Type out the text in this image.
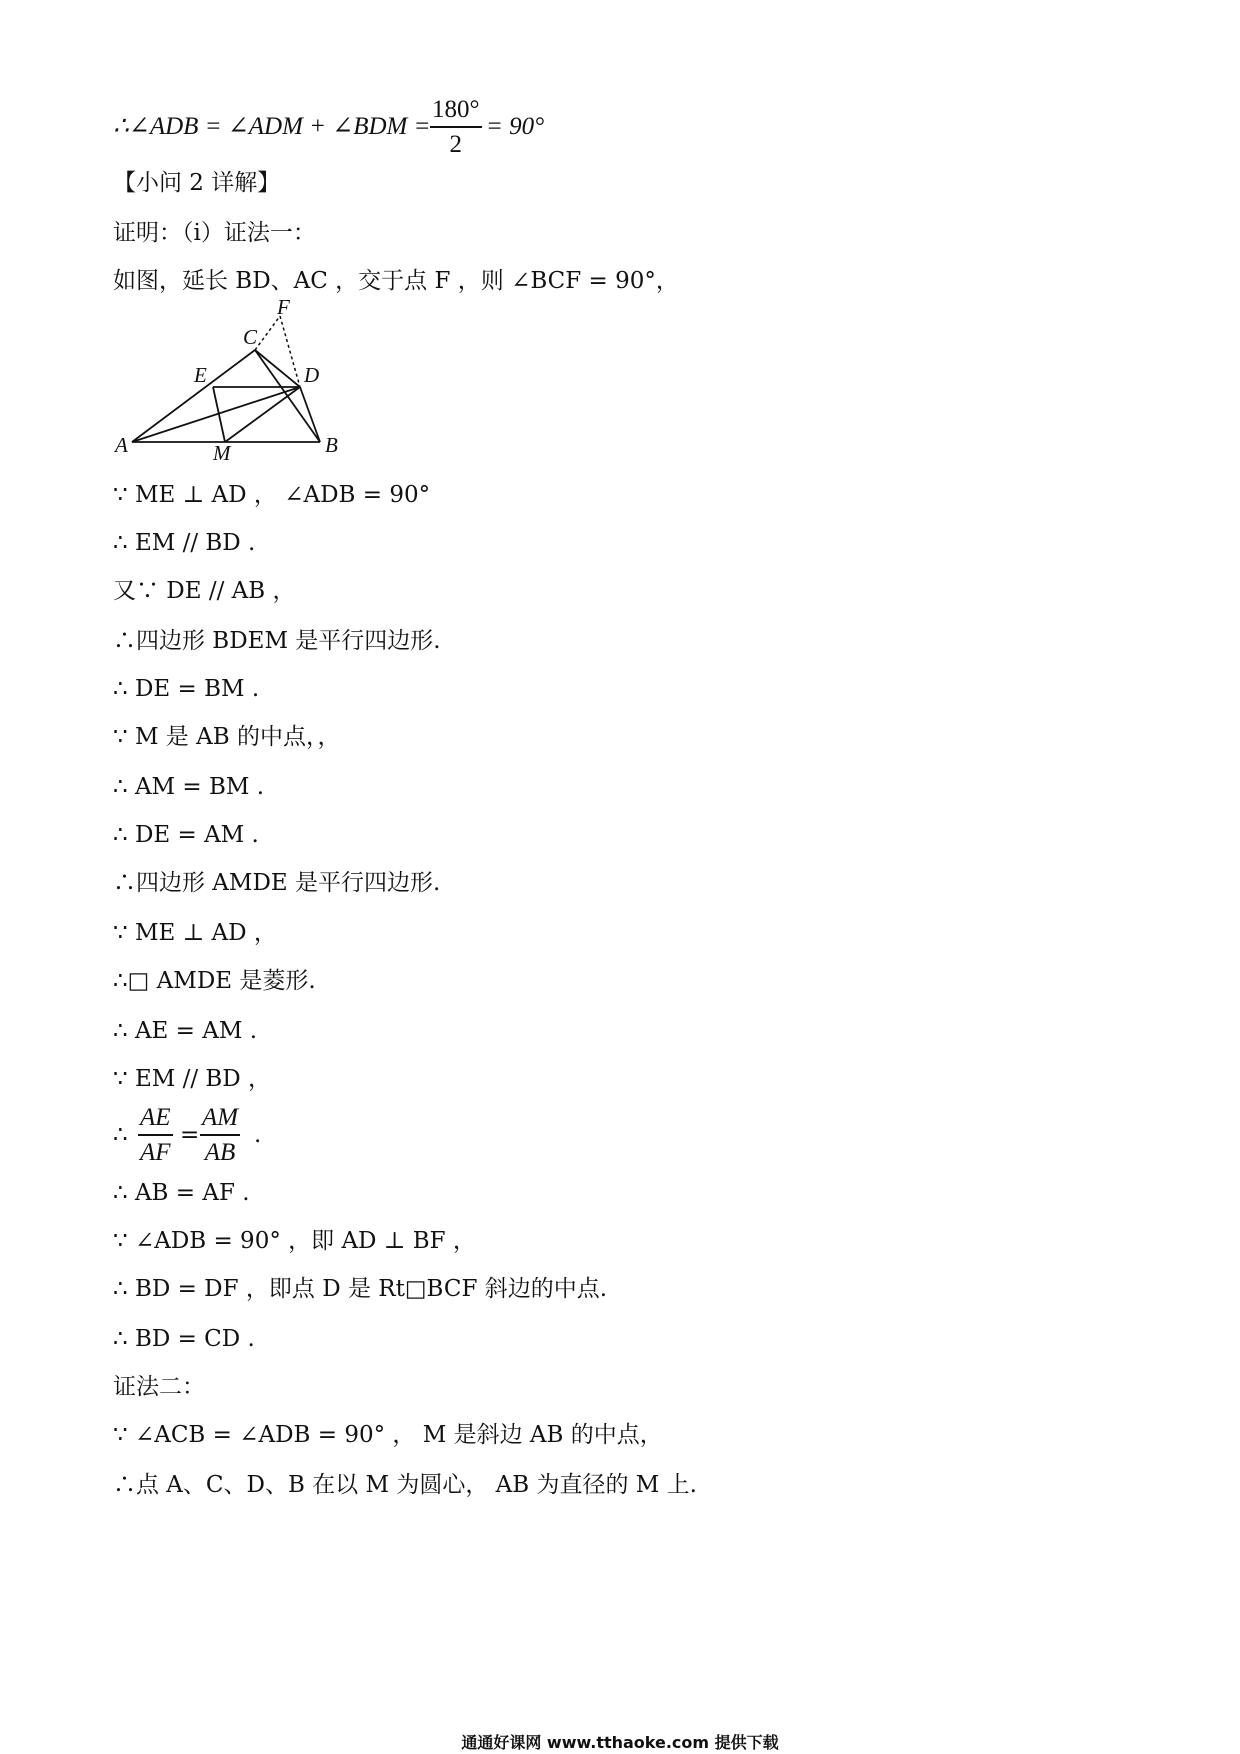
∴∠ADB = ∠ADM + ∠BDM = $\frac{180^\circ}{2} = 90^\circ$
【小问 2 详解】
证明：（ⅰ）证法一：
如图，延长 BD、AC ，交于点 F ，则 ∠BCF = 90°，
A	B
C
D
E
F
M
∵ ME ⊥ AD ， ∠ADB = 90°
∴ EM // BD .
又∵ DE // AB ，
∴四边形 BDEM 是平行四边形.
∴ DE = BM .
∵ M 是 AB 的中点，，
∴ AM = BM .
∴ DE = AM .
∴四边形 AMDE 是平行四边形.
∵ ME ⊥ AD ，
∴□ AMDE 是菱形.
∴ AE = AM .
∵ EM // BD ，
∴ $\frac{AE}{AF} = \frac{AM}{AB}$ .
∴ AB = AF .
∵ ∠ADB = 90° ，即 AD ⊥ BF ，
∴ BD = DF ，即点 D 是 Rt□BCF 斜边的中点.
∴ BD = CD .
证法二：
∵ ∠ACB = ∠ADB = 90° ， M 是斜边 AB 的中点，
∴点 A、C、D、B 在以 M 为圆心， AB 为直径的 M 上.
通通好课网 www.tthaoke.com 提供下载
